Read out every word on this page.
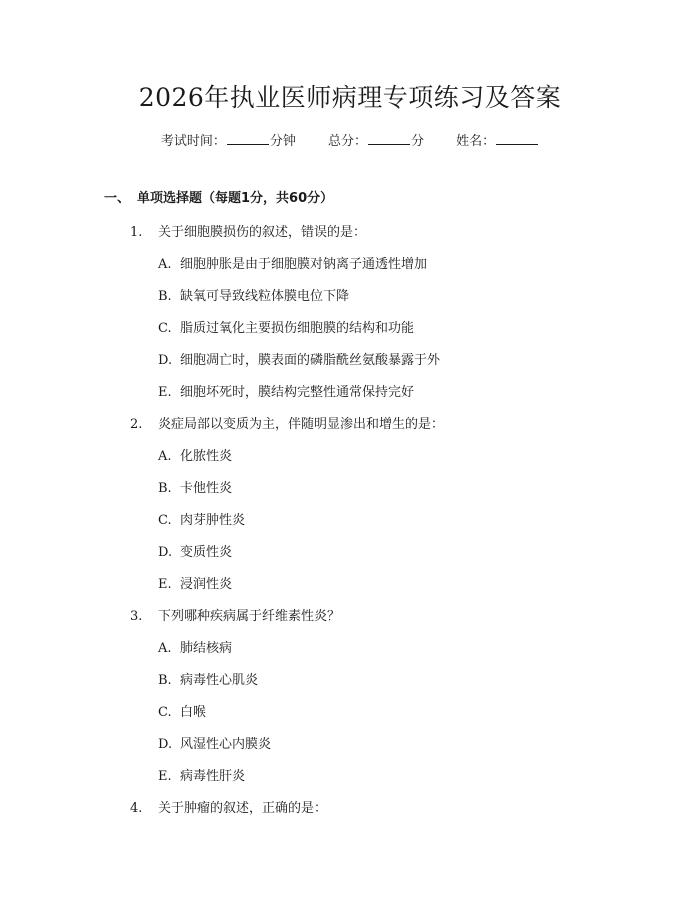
2026年执业医师病理专项练习及答案
考试时间：	分钟 总分：	分 姓名：
一、 单项选择题（每题1分，共60分）
1. 关于细胞膜损伤的叙述，错误的是：
A. 细胞肿胀是由于细胞膜对钠离子通透性增加
B. 缺氧可导致线粒体膜电位下降
C. 脂质过氧化主要损伤细胞膜的结构和功能
D. 细胞凋亡时，膜表面的磷脂酰丝氨酸暴露于外
E. 细胞坏死时，膜结构完整性通常保持完好
2. 炎症局部以变质为主，伴随明显渗出和增生的是：
A. 化脓性炎
B. 卡他性炎
C. 肉芽肿性炎
D. 变质性炎
E. 浸润性炎
3. 下列哪种疾病属于纤维素性炎？
A. 肺结核病
B. 病毒性心肌炎
C. 白喉
D. 风湿性心内膜炎
E. 病毒性肝炎
4. 关于肿瘤的叙述，正确的是：
